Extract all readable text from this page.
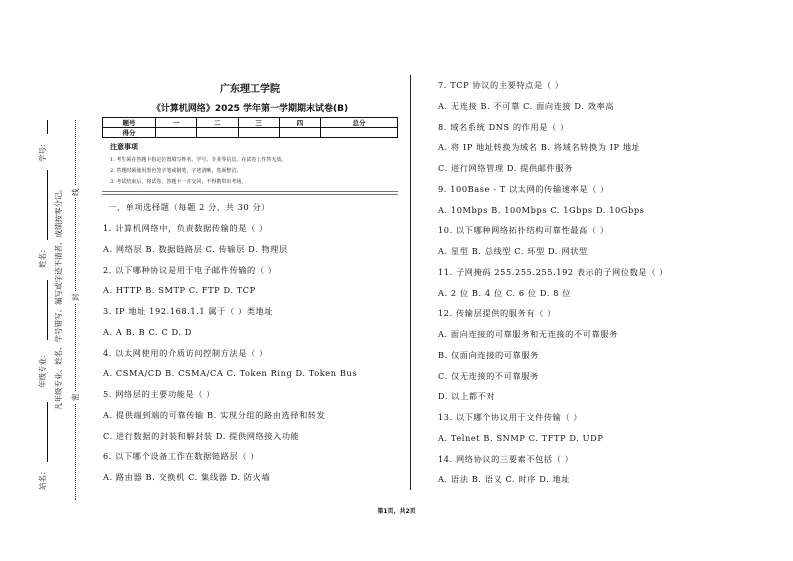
站名：
年级专业：
姓名：
学号：
凡年级专业、姓名、学号错写、漏写或字迹不清者，成绩按零分记。 密
封
线
广东理工学院
《计算机网络》2025 学年第一学期期末试卷(B)
题号	一	二	三	四	总分
得分					
注意事项
1. 考生须在答题卡指定位置填写姓名、学号、专业等信息，在试卷上作答无效。
2. 答题时须使用黑色签字笔或钢笔，字迹清晰，卷面整洁。
3. 考试结束后，将试卷、答题卡一并交回，不得携带出考场。
一、单项选择题（每题 2 分，共 30 分）
1. 计算机网络中，负责数据传输的是（ ）
A. 网络层 B. 数据链路层 C. 传输层 D. 物理层
2. 以下哪种协议是用于电子邮件传输的（ ）
A. HTTP B. SMTP C. FTP D. TCP
3. IP 地址 192.168.1.1 属于（ ）类地址
A. A B. B C. C D. D
4. 以太网使用的介质访问控制方法是（ ）
A. CSMA/CD B. CSMA/CA C. Token Ring D. Token Bus
5. 网络层的主要功能是（ ）
A. 提供端到端的可靠传输 B. 实现分组的路由选择和转发
C. 进行数据的封装和解封装 D. 提供网络接入功能
6. 以下哪个设备工作在数据链路层（ ）
A. 路由器 B. 交换机 C. 集线器 D. 防火墙
7. TCP 协议的主要特点是（ ）
A. 无连接 B. 不可靠 C. 面向连接 D. 效率高
8. 域名系统 DNS 的作用是（ ）
A. 将 IP 地址转换为域名 B. 将域名转换为 IP 地址
C. 进行网络管理 D. 提供邮件服务
9. 100Base - T 以太网的传输速率是（ ）
A. 10Mbps B. 100Mbps C. 1Gbps D. 10Gbps
10. 以下哪种网络拓扑结构可靠性最高（ ）
A. 星型 B. 总线型 C. 环型 D. 网状型
11. 子网掩码 255.255.255.192 表示的子网位数是（ ）
A. 2 位 B. 4 位 C. 6 位 D. 8 位
12. 传输层提供的服务有（ ）
A. 面向连接的可靠服务和无连接的不可靠服务
B. 仅面向连接的可靠服务
C. 仅无连接的不可靠服务
D. 以上都不对
13. 以下哪个协议用于文件传输（ ）
A. Telnet B. SNMP C. TFTP D. UDP
14. 网络协议的三要素不包括（ ）
A. 语法 B. 语义 C. 时序 D. 地址
第1页，共2页
